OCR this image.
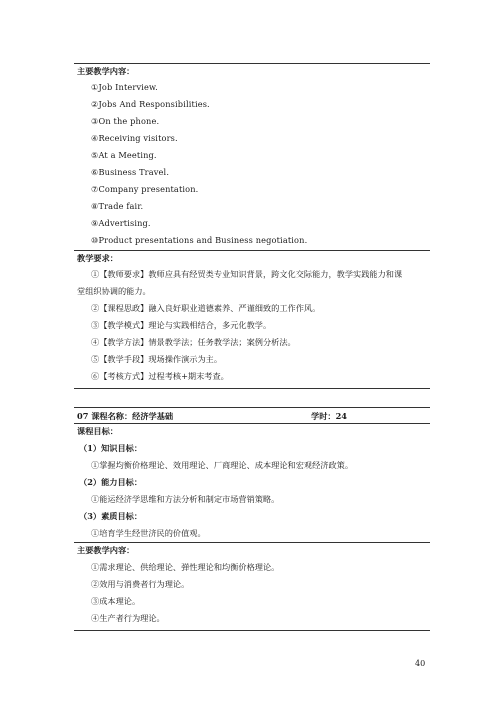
主要教学内容：
①Job Interview.
②Jobs And Responsibilities.
③On the phone.
④Receiving visitors.
⑤At a Meeting.
⑥Business Travel.
⑦Company presentation.
⑧Trade fair.
⑨Advertising.
⑩Product presentations and Business negotiation.
教学要求：
①【教师要求】教师应具有经贸类专业知识背景，跨文化交际能力，教学实践能力和课
堂组织协调的能力。
②【课程思政】融入良好职业道德素养、严谨细致的工作作风。
③【教学模式】理论与实践相结合，多元化教学。
④【教学方法】情景教学法；任务教学法；案例分析法。
⑤【教学手段】现场操作演示为主。
⑥【考核方式】过程考核+期末考查。
07 课程名称：经济学基础	学时：24
课程目标：
（1）知识目标：
①掌握均衡价格理论、效用理论、厂商理论、成本理论和宏观经济政策。
（2）能力目标：
①能运经济学思维和方法分析和制定市场营销策略。
（3）素质目标：
①培育学生经世济民的价值观。
主要教学内容：
①需求理论、供给理论、弹性理论和均衡价格理论。
②效用与消费者行为理论。
③成本理论。
④生产者行为理论。
40
